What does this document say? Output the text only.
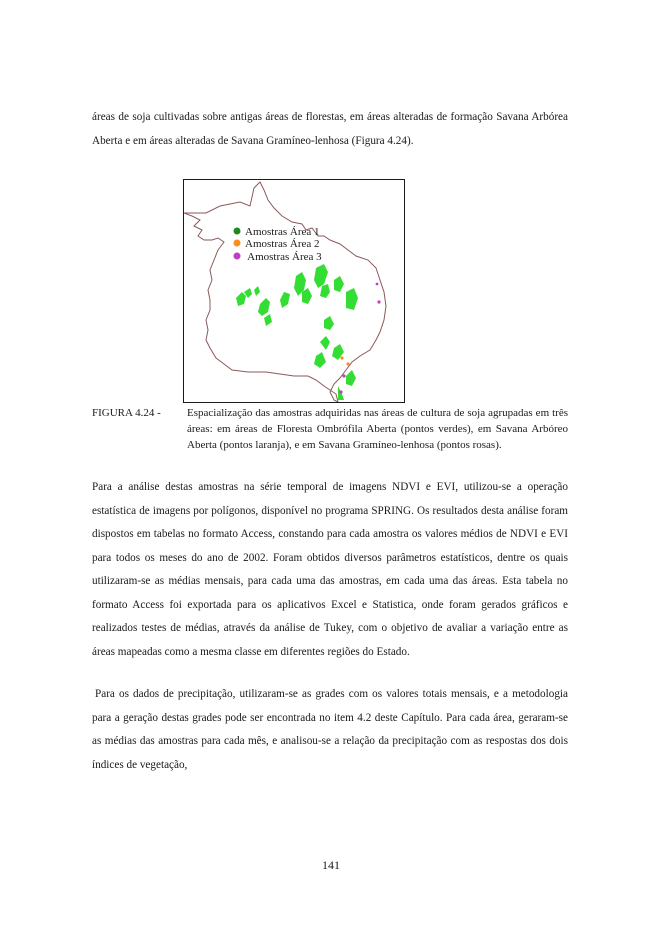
áreas de soja cultivadas sobre antigas áreas de florestas, em áreas alteradas de formação Savana Arbórea Aberta e em áreas alteradas de Savana Gramíneo-lenhosa (Figura 4.24).

Amostras Área 1
Amostras Área 2
Amostras Área 3
FIGURA 4.24 - Espacialização das amostras adquiridas nas áreas de cultura de soja agrupadas em três áreas: em áreas de Floresta Ombrófila Aberta (pontos verdes), em Savana Arbóreo Aberta (pontos laranja), e em Savana Gramíneo-lenhosa (pontos rosas).

Para a análise destas amostras na série temporal de imagens NDVI e EVI, utilizou-se a operação estatística de imagens por polígonos, disponível no programa SPRING. Os resultados desta análise foram dispostos em tabelas no formato Access, constando para cada amostra os valores médios de NDVI e EVI para todos os meses do ano de 2002. Foram obtidos diversos parâmetros estatísticos, dentre os quais utilizaram-se as médias mensais, para cada uma das amostras, em cada uma das áreas. Esta tabela no formato Access foi exportada para os aplicativos Excel e Statistica, onde foram gerados gráficos e realizados testes de médias, através da análise de Tukey, com o objetivo de avaliar a variação entre as áreas mapeadas como a mesma classe em diferentes regiões do Estado.

Para os dados de precipitação, utilizaram-se as grades com os valores totais mensais, e a metodologia para a geração destas grades pode ser encontrada no item 4.2 deste Capítulo. Para cada área, geraram-se as médias das amostras para cada mês, e analisou-se a relação da precipitação com as respostas dos dois índices de vegetação,

141
